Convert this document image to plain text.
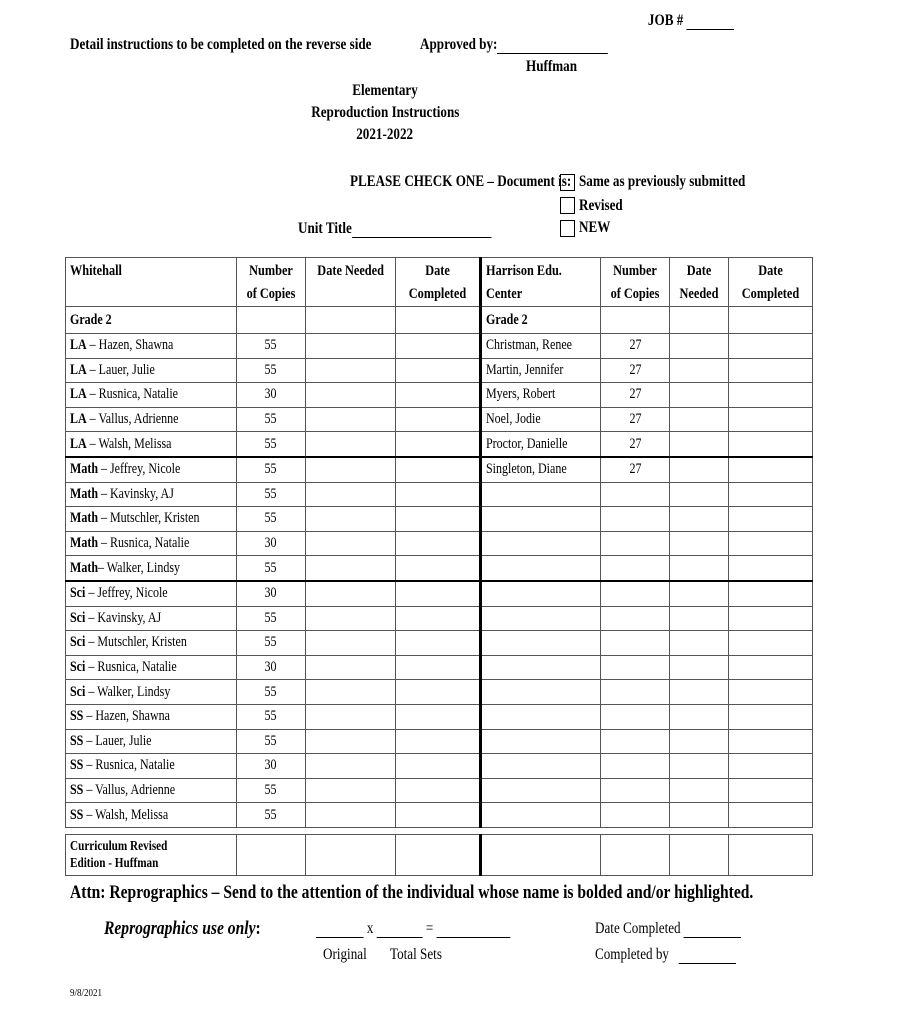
JOB #
Detail instructions to be completed on the reverse side	Approved by:
Huffman
Elementary
Reproduction Instructions
2021-2022
PLEASE CHECK ONE – Document is: Same as previously submitted
Revised
NEW
Unit Title
Whitehall	Number of Copies	Date Needed	Date Completed	Harrison Edu. Center	Number of Copies	Date Needed	Date Completed
Grade 2				Grade 2			
LA – Hazen, Shawna	55			Christman, Renee	27		
LA – Lauer, Julie	55			Martin, Jennifer	27		
LA – Rusnica, Natalie	30			Myers, Robert	27		
LA – Vallus, Adrienne	55			Noel, Jodie	27		
LA – Walsh, Melissa	55			Proctor, Danielle	27		
Math – Jeffrey, Nicole	55			Singleton, Diane	27		
Math – Kavinsky, AJ	55						
Math – Mutschler, Kristen	55						
Math – Rusnica, Natalie	30						
Math– Walker, Lindsy	55						
Sci – Jeffrey, Nicole	30						
Sci – Kavinsky, AJ	55						
Sci – Mutschler, Kristen	55						
Sci – Rusnica, Natalie	30						
Sci – Walker, Lindsy	55						
SS – Hazen, Shawna	55						
SS – Lauer, Julie	55						
SS – Rusnica, Natalie	30						
SS – Vallus, Adrienne	55						
SS – Walsh, Melissa	55						

Curriculum Revised
Edition - Huffman							
Attn: Reprographics – Send to the attention of the individual whose name is bolded and/or highlighted.
Reprographics use only:	x	=
Original	Total Sets
Date Completed
Completed by
9/8/2021
